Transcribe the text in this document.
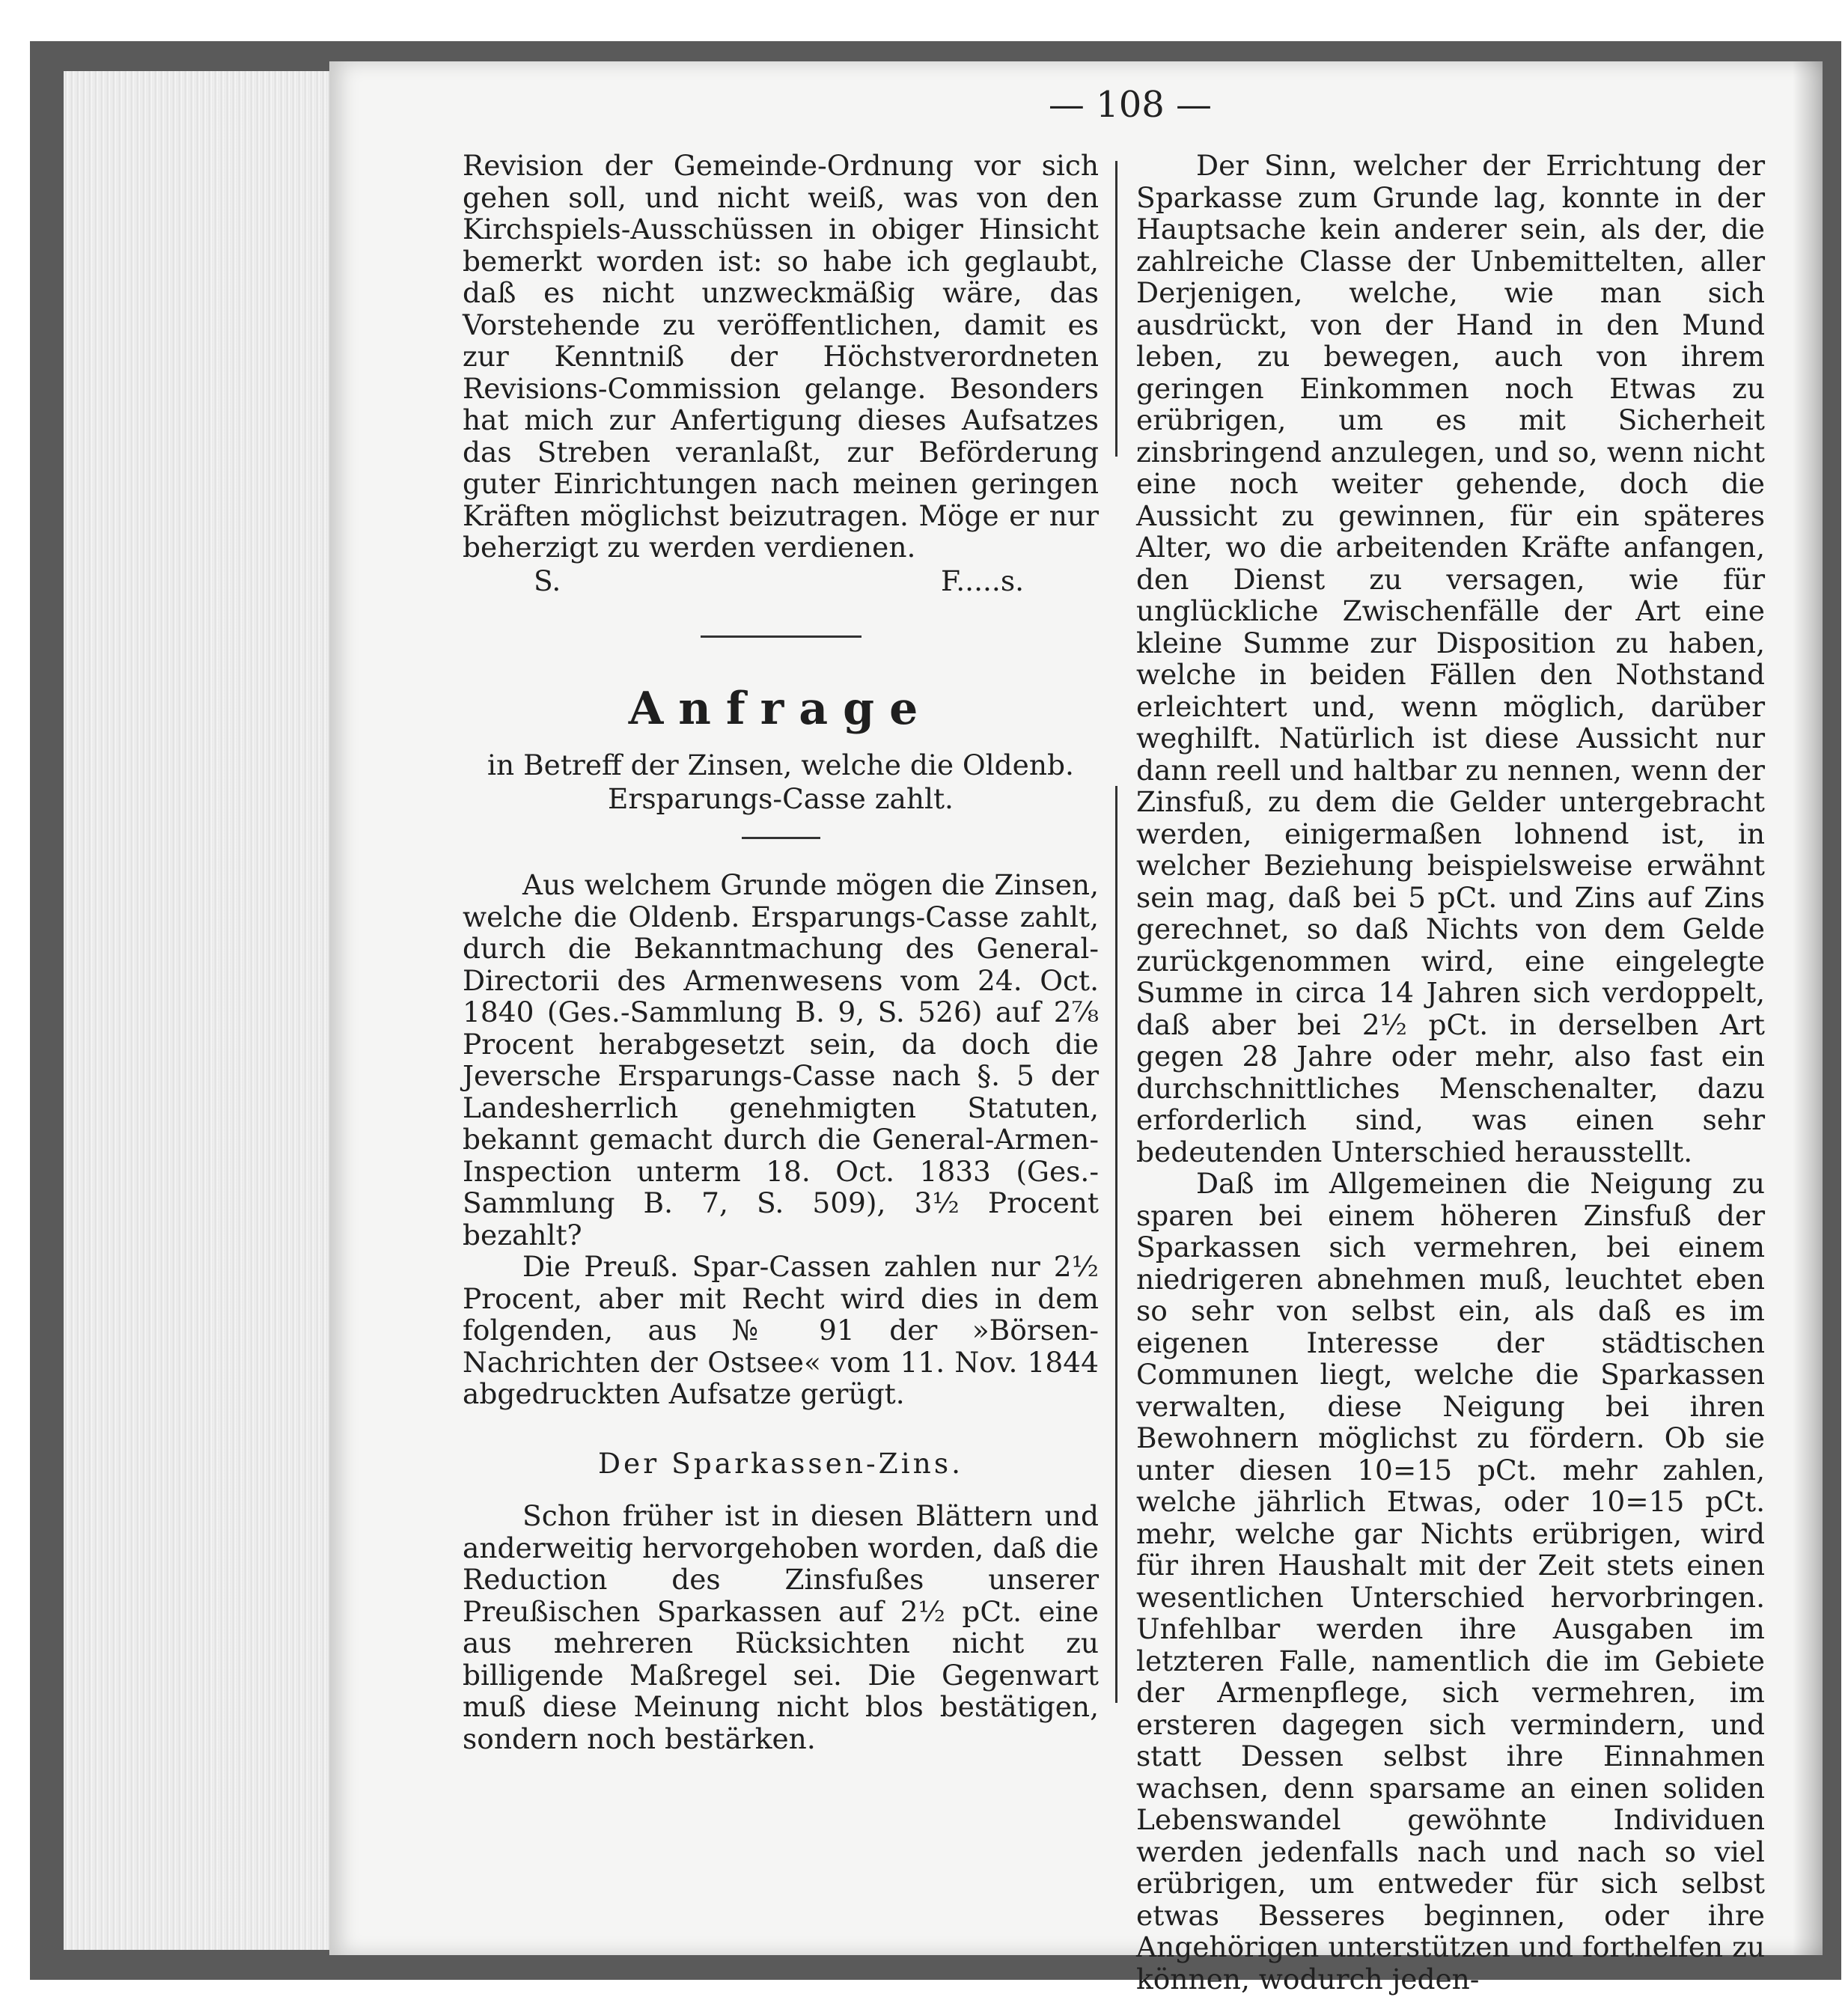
— 108 —

Revision der Gemeinde-Ordnung vor sich gehen soll, und nicht weiß, was von den Kirchspiels-Ausschüssen in obiger Hinsicht bemerkt worden ist: so habe ich geglaubt, daß es nicht unzweckmäßig wäre, das Vorstehende zu veröffentlichen, damit es zur Kenntniß der Höchstverordneten Revisions-Commission gelange. Besonders hat mich zur Anfertigung dieses Aufsatzes das Streben veranlaßt, zur Beförderung guter Einrichtungen nach meinen geringen Kräften möglichst beizutragen. Möge er nur beherzigt zu werden verdienen.

S.	F.....s.

Anfrage

in Betreff der Zinsen, welche die Oldenb.

Ersparungs-Casse zahlt.

Aus welchem Grunde mögen die Zinsen, welche die Oldenb. Ersparungs-Casse zahlt, durch die Bekanntmachung des General-Directorii des Armenwesens vom 24. Oct. 1840 (Ges.-Sammlung B. 9, S. 526) auf 2⅞ Procent herabgesetzt sein, da doch die Jeversche Ersparungs-Casse nach §. 5 der Landesherrlich genehmigten Statuten, bekannt gemacht durch die General-Armen-Inspection unterm 18. Oct. 1833 (Ges.-Sammlung B. 7, S. 509), 3½ Procent bezahlt?

Die Preuß. Spar-Cassen zahlen nur 2½ Procent, aber mit Recht wird dies in dem folgenden, aus № 91 der »Börsen-Nachrichten der Ostsee« vom 11. Nov. 1844 abgedruckten Aufsatze gerügt.

Der Sparkassen-Zins.

Schon früher ist in diesen Blättern und anderweitig hervorgehoben worden, daß die Reduction des Zinsfußes unserer Preußischen Sparkassen auf 2½ pCt. eine aus mehreren Rücksichten nicht zu billigende Maßregel sei. Die Gegenwart muß diese Meinung nicht blos bestätigen, sondern noch bestärken.

Der Sinn, welcher der Errichtung der Sparkasse zum Grunde lag, konnte in der Hauptsache kein anderer sein, als der, die zahlreiche Classe der Unbemittelten, aller Derjenigen, welche, wie man sich ausdrückt, von der Hand in den Mund leben, zu bewegen, auch von ihrem geringen Einkommen noch Etwas zu erübrigen, um es mit Sicherheit zinsbringend anzulegen, und so, wenn nicht eine noch weiter gehende, doch die Aussicht zu gewinnen, für ein späteres Alter, wo die arbeitenden Kräfte anfangen, den Dienst zu versagen, wie für unglückliche Zwischenfälle der Art eine kleine Summe zur Disposition zu haben, welche in beiden Fällen den Nothstand erleichtert und, wenn möglich, darüber weghilft. Natürlich ist diese Aussicht nur dann reell und haltbar zu nennen, wenn der Zinsfuß, zu dem die Gelder untergebracht werden, einigermaßen lohnend ist, in welcher Beziehung beispielsweise erwähnt sein mag, daß bei 5 pCt. und Zins auf Zins gerechnet, so daß Nichts von dem Gelde zurückgenommen wird, eine eingelegte Summe in circa 14 Jahren sich verdoppelt, daß aber bei 2½ pCt. in derselben Art gegen 28 Jahre oder mehr, also fast ein durchschnittliches Menschenalter, dazu erforderlich sind, was einen sehr bedeutenden Unterschied herausstellt.

Daß im Allgemeinen die Neigung zu sparen bei einem höheren Zinsfuß der Sparkassen sich vermehren, bei einem niedrigeren abnehmen muß, leuchtet eben so sehr von selbst ein, als daß es im eigenen Interesse der städtischen Communen liegt, welche die Sparkassen verwalten, diese Neigung bei ihren Bewohnern möglichst zu fördern. Ob sie unter diesen 10=15 pCt. mehr zahlen, welche jährlich Etwas, oder 10=15 pCt. mehr, welche gar Nichts erübrigen, wird für ihren Haushalt mit der Zeit stets einen wesentlichen Unterschied hervorbringen. Unfehlbar werden ihre Ausgaben im letzteren Falle, namentlich die im Gebiete der Armenpflege, sich vermehren, im ersteren dagegen sich vermindern, und statt Dessen selbst ihre Einnahmen wachsen, denn sparsame an einen soliden Lebenswandel gewöhnte Individuen werden jedenfalls nach und nach so viel erübrigen, um entweder für sich selbst etwas Besseres beginnen, oder ihre Angehörigen unterstützen und forthelfen zu können, wodurch jeden-
